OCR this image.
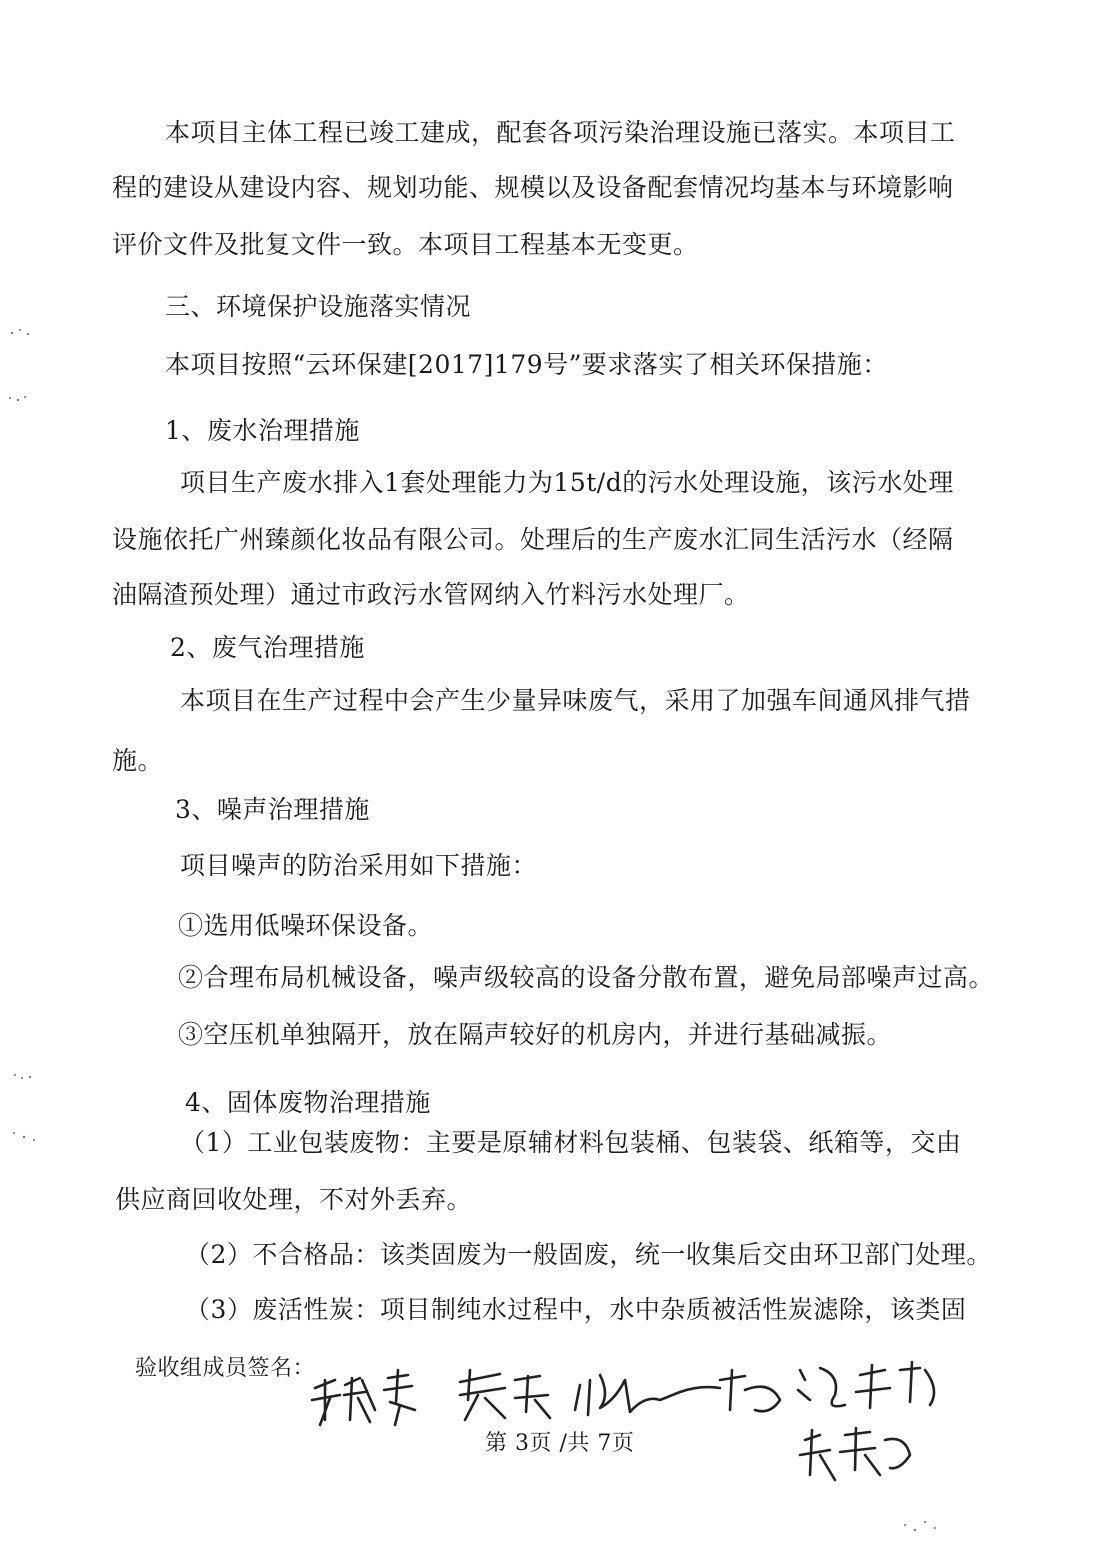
本项目主体工程已竣工建成，配套各项污染治理设施已落实。本项目工
程的建设从建设内容、规划功能、规模以及设备配套情况均基本与环境影响
评价文件及批复文件一致。本项目工程基本无变更。
三、环境保护设施落实情况
本项目按照“云环保建[2017]179号”要求落实了相关环保措施：
1、废水治理措施
项目生产废水排入1套处理能力为15t/d的污水处理设施，该污水处理
设施依托广州臻颜化妆品有限公司。处理后的生产废水汇同生活污水（经隔
油隔渣预处理）通过市政污水管网纳入竹料污水处理厂。
2、废气治理措施
本项目在生产过程中会产生少量异味废气，采用了加强车间通风排气措
施。
3、噪声治理措施
项目噪声的防治采用如下措施：
①选用低噪环保设备。
②合理布局机械设备，噪声级较高的设备分散布置，避免局部噪声过高。
③空压机单独隔开，放在隔声较好的机房内，并进行基础减振。
4、固体废物治理措施
（1）工业包装废物：主要是原辅材料包装桶、包装袋、纸箱等，交由
供应商回收处理，不对外丢弃。
（2）不合格品：该类固废为一般固废，统一收集后交由环卫部门处理。
（3）废活性炭：项目制纯水过程中，水中杂质被活性炭滤除，该类固
验收组成员签名：
第 3页 /共 7页
